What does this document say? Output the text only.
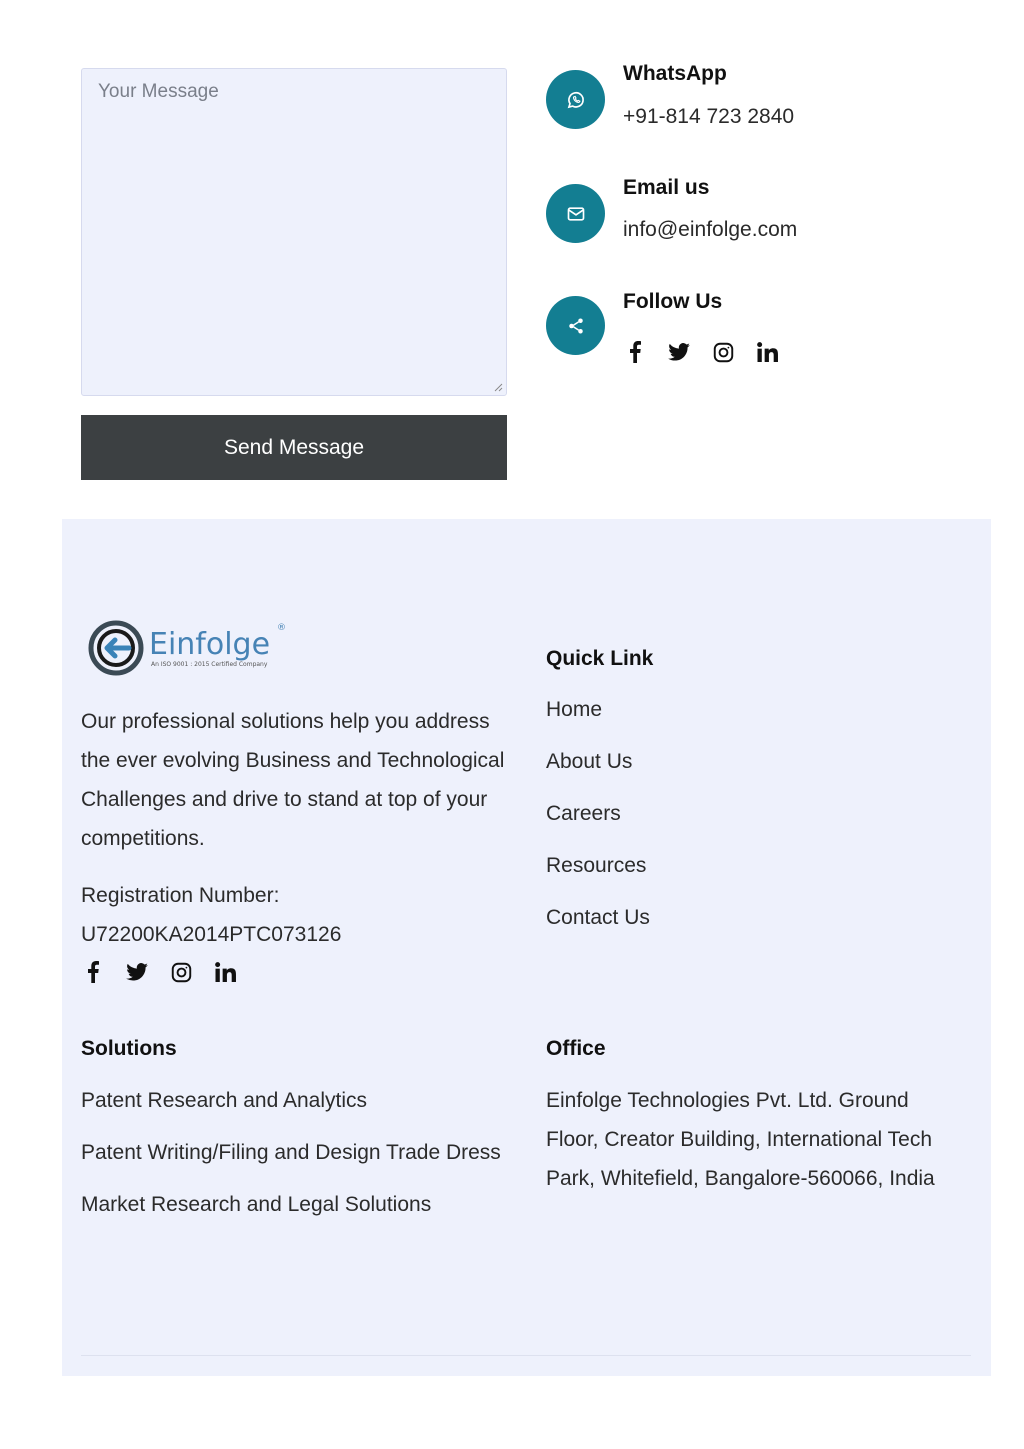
Your Message
Send Message
WhatsApp
+91-814 723 2840
Email us
info@einfolge.com
Follow Us
Einfolge ®
An ISO 9001 : 2015 Certified Company

Our professional solutions help you address the ever evolving Business and Technological Challenges and drive to stand at top of your competitions.

Registration Number: U72200KA2014PTC073126

Quick Link
Home
About Us
Careers
Resources
Contact Us
Solutions
Patent Research and Analytics
Patent Writing/Filing and Design Trade Dress
Market Research and Legal Solutions
Office

Einfolge Technologies Pvt. Ltd. Ground Floor, Creator Building, International Tech Park, Whitefield, Bangalore-560066, India
